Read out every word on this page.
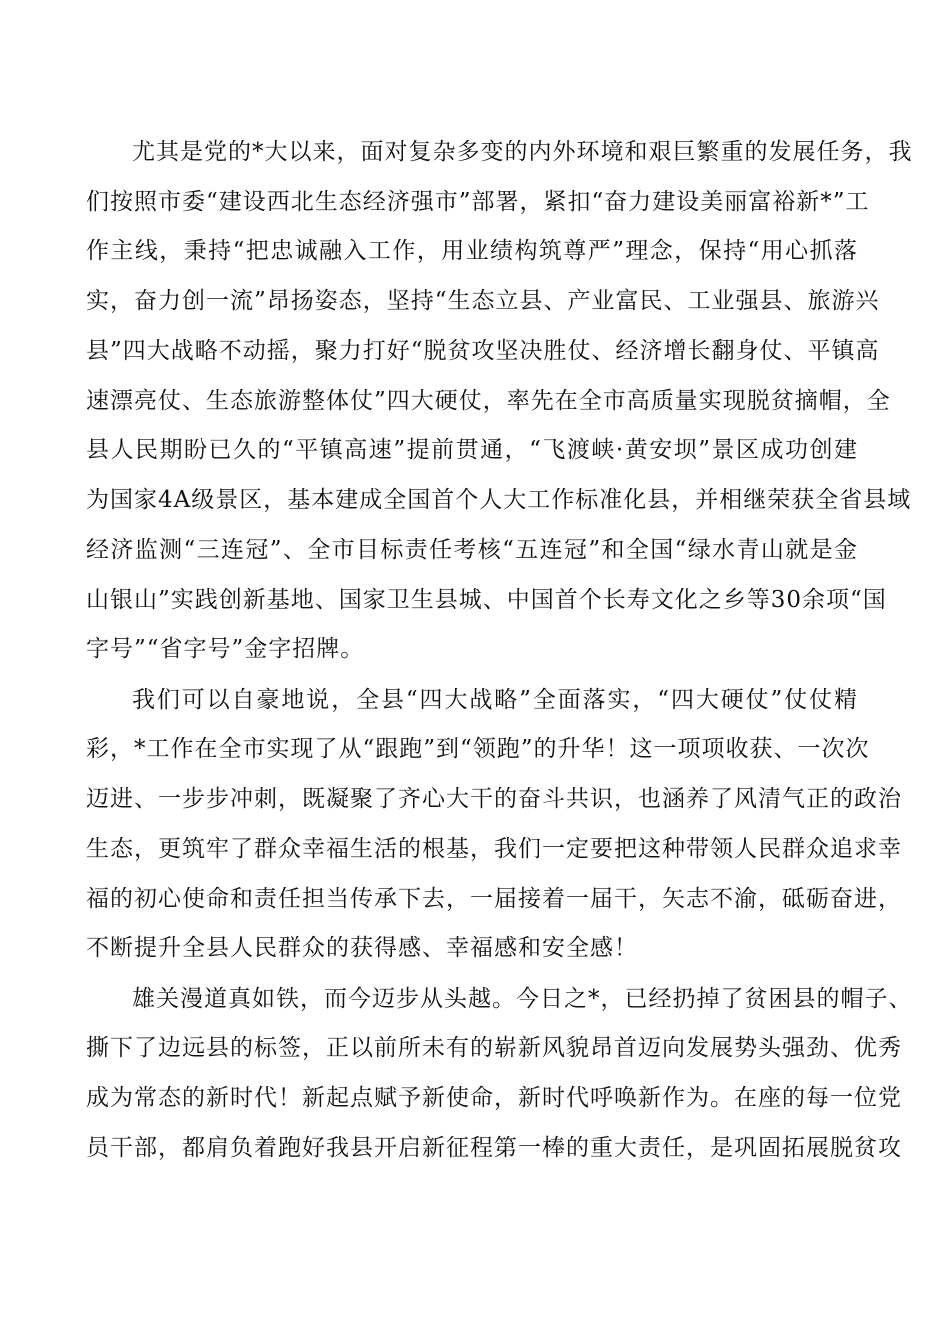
尤其是党的*大以来，面对复杂多变的内外环境和艰巨繁重的发展任务，我
们按照市委“建设西北生态经济强市”部署，紧扣“奋力建设美丽富裕新*”工
作主线，秉持“把忠诚融入工作，用业绩构筑尊严”理念，保持“用心抓落
实，奋力创一流”昂扬姿态，坚持“生态立县、产业富民、工业强县、旅游兴
县”四大战略不动摇，聚力打好“脱贫攻坚决胜仗、经济增长翻身仗、平镇高
速漂亮仗、生态旅游整体仗”四大硬仗，率先在全市高质量实现脱贫摘帽，全
县人民期盼已久的“平镇高速”提前贯通，“飞渡峡·黄安坝”景区成功创建
为国家4A级景区，基本建成全国首个人大工作标准化县，并相继荣获全省县域
经济监测“三连冠”、全市目标责任考核“五连冠”和全国“绿水青山就是金
山银山”实践创新基地、国家卫生县城、中国首个长寿文化之乡等30余项“国
字号”“省字号”金字招牌。
我们可以自豪地说，全县“四大战略”全面落实，“四大硬仗”仗仗精
彩，*工作在全市实现了从“跟跑”到“领跑”的升华！这一项项收获、一次次
迈进、一步步冲刺，既凝聚了齐心大干的奋斗共识，也涵养了风清气正的政治
生态，更筑牢了群众幸福生活的根基，我们一定要把这种带领人民群众追求幸
福的初心使命和责任担当传承下去，一届接着一届干，矢志不渝，砥砺奋进，
不断提升全县人民群众的获得感、幸福感和安全感！
雄关漫道真如铁，而今迈步从头越。今日之*，已经扔掉了贫困县的帽子、
撕下了边远县的标签，正以前所未有的崭新风貌昂首迈向发展势头强劲、优秀
成为常态的新时代！新起点赋予新使命，新时代呼唤新作为。在座的每一位党
员干部，都肩负着跑好我县开启新征程第一棒的重大责任，是巩固拓展脱贫攻
